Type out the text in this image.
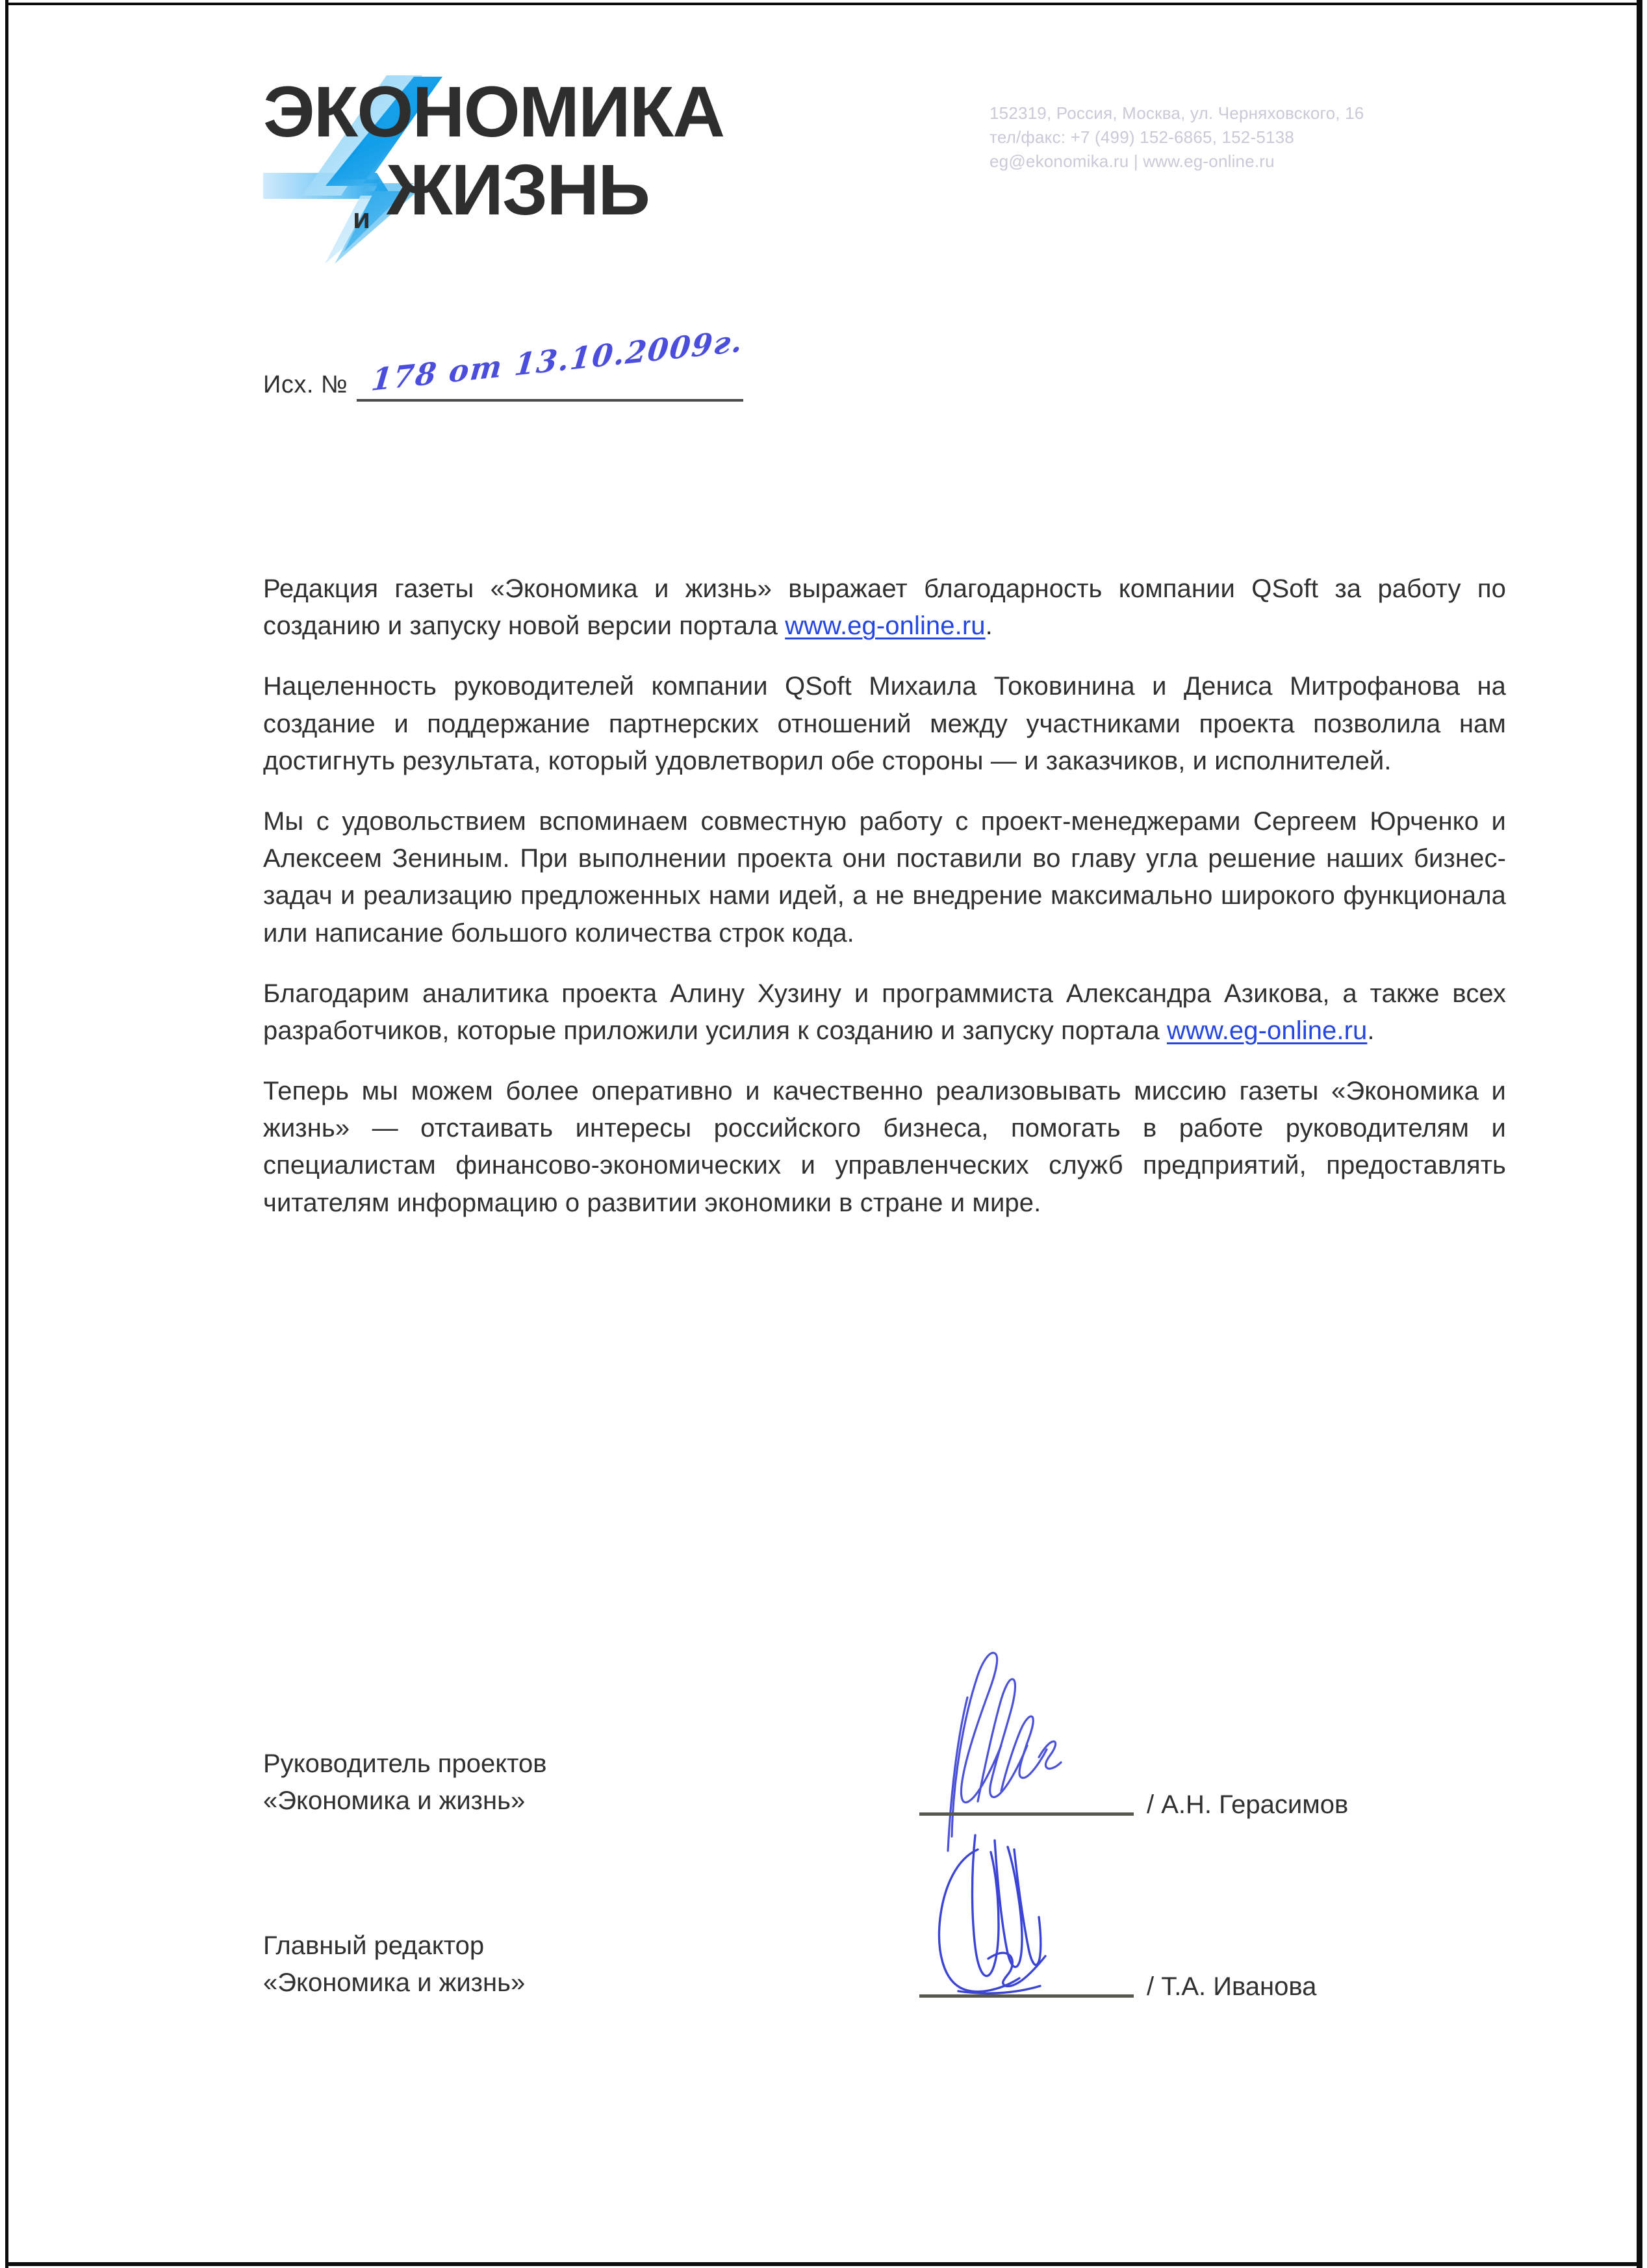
ЭКОНОМИКА
и ЖИЗНЬ
152319, Россия, Москва, ул. Черняховского, 16
тел/факс: +7 (499) 152-6865, 152-5138
eg@ekonomika.ru | www.eg-online.ru
Исх. № 178 от 13.10.2009г.

Редакция газеты «Экономика и жизнь» выражает благодарность компании QSoft за работу по созданию и запуску новой версии портала www.eg-online.ru.

Нацеленность руководителей компании QSoft Михаила Токовинина и Дениса Митрофанова на создание и поддержание партнерских отношений между участниками проекта позволила нам достигнуть результата, который удовлетворил обе стороны — и заказчиков, и исполнителей.

Мы с удовольствием вспоминаем совместную работу с проект-менеджерами Сергеем Юрченко и Алексеем Зениным. При выполнении проекта они поставили во главу угла решение наших бизнес-задач и реализацию предложенных нами идей, а не внедрение максимально широкого функционала или написание большого количества строк кода.

Благодарим аналитика проекта Алину Хузину и программиста Александра Азикова, а также всех разработчиков, которые приложили усилия к созданию и запуску портала www.eg-online.ru.

Теперь мы можем более оперативно и качественно реализовывать миссию газеты «Экономика и жизнь» — отстаивать интересы российского бизнеса, помогать в работе руководителям и специалистам финансово-экономических и управленческих служб предприятий, предоставлять читателям информацию о развитии экономики в стране и мире.

Руководитель проектов
«Экономика и жизнь»	/ А.Н. Герасимов
Главный редактор
«Экономика и жизнь»	/ Т.А. Иванова
